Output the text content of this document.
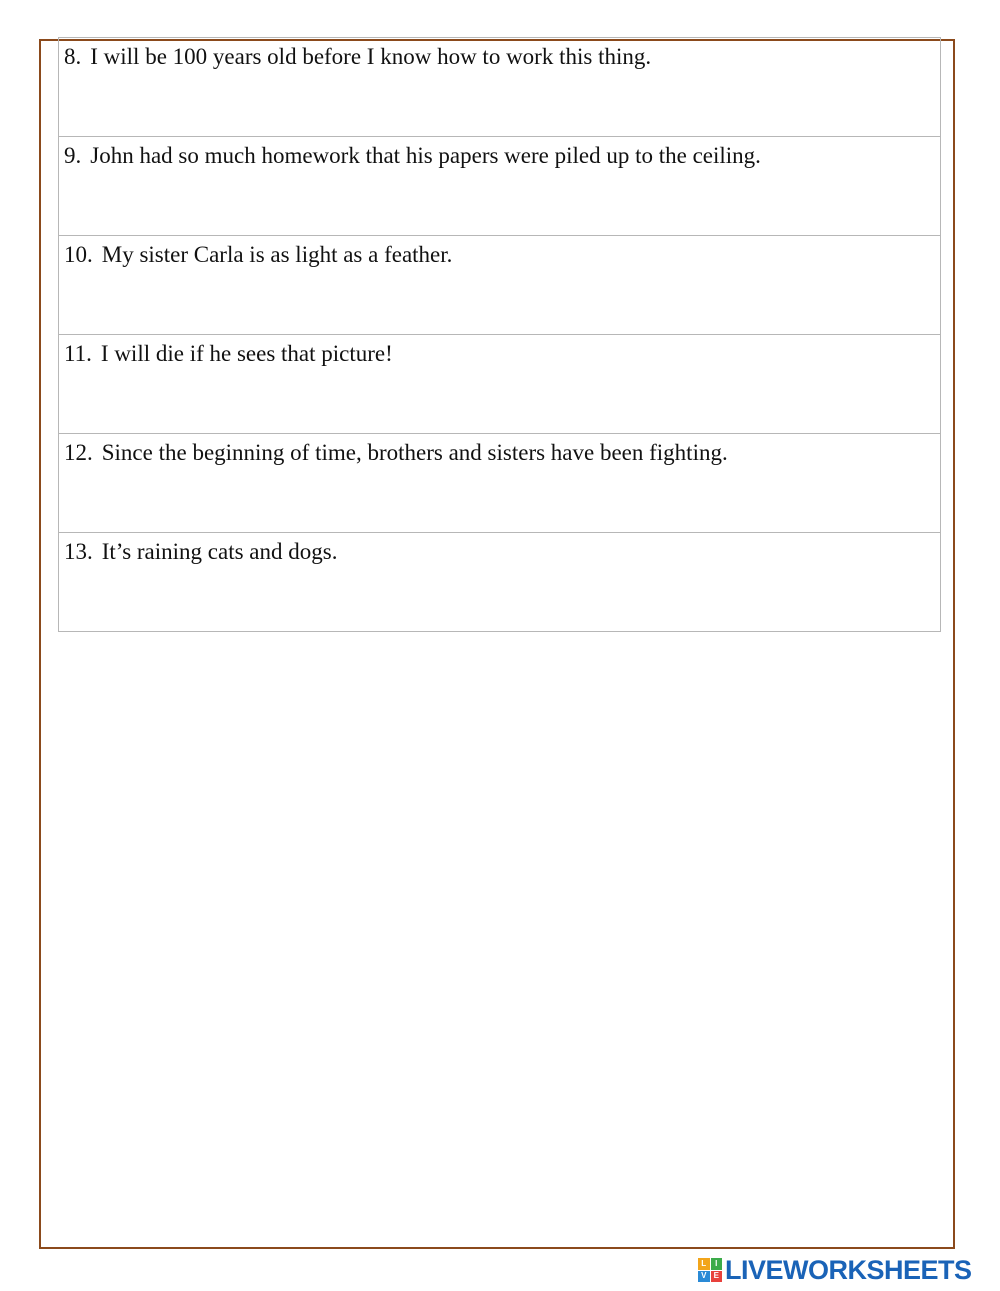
8. I will be 100 years old before I know how to work this thing.
9. John had so much homework that his papers were piled up to the ceiling.
10. My sister Carla is as light as a feather.
11. I will die if he sees that picture!
12. Since the beginning of time, brothers and sisters have been fighting.
13. It’s raining cats and dogs.
L	I
V E LIVEWORKSHEETS
